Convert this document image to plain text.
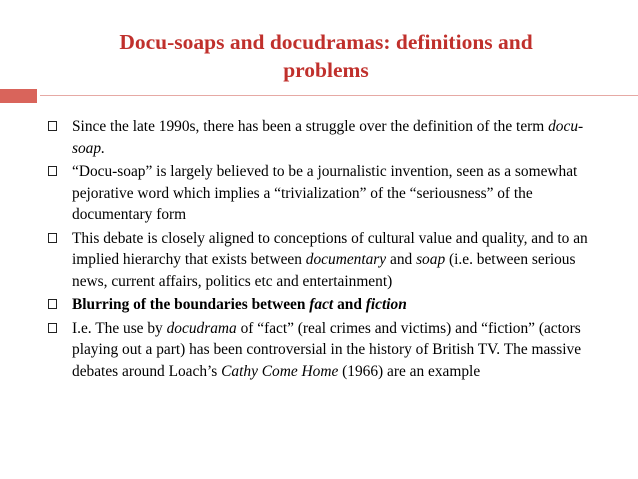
Docu-soaps and docudramas: definitions and
problems
Since the late 1990s, there has been a struggle over the definition of the term docu-soap.
“Docu-soap” is largely believed to be a journalistic invention, seen as a somewhat pejorative word which implies a “trivialization” of the “seriousness” of the documentary form
This debate is closely aligned to conceptions of cultural value and quality, and to an implied hierarchy that exists between documentary and soap (i.e. between serious news, current affairs, politics etc and entertainment)
Blurring of the boundaries between fact and fiction
I.e. The use by docudrama of “fact” (real crimes and victims) and “fiction” (actors playing out a part) has been controversial in the history of British TV. The massive debates around Loach’s Cathy Come Home (1966) are an example
